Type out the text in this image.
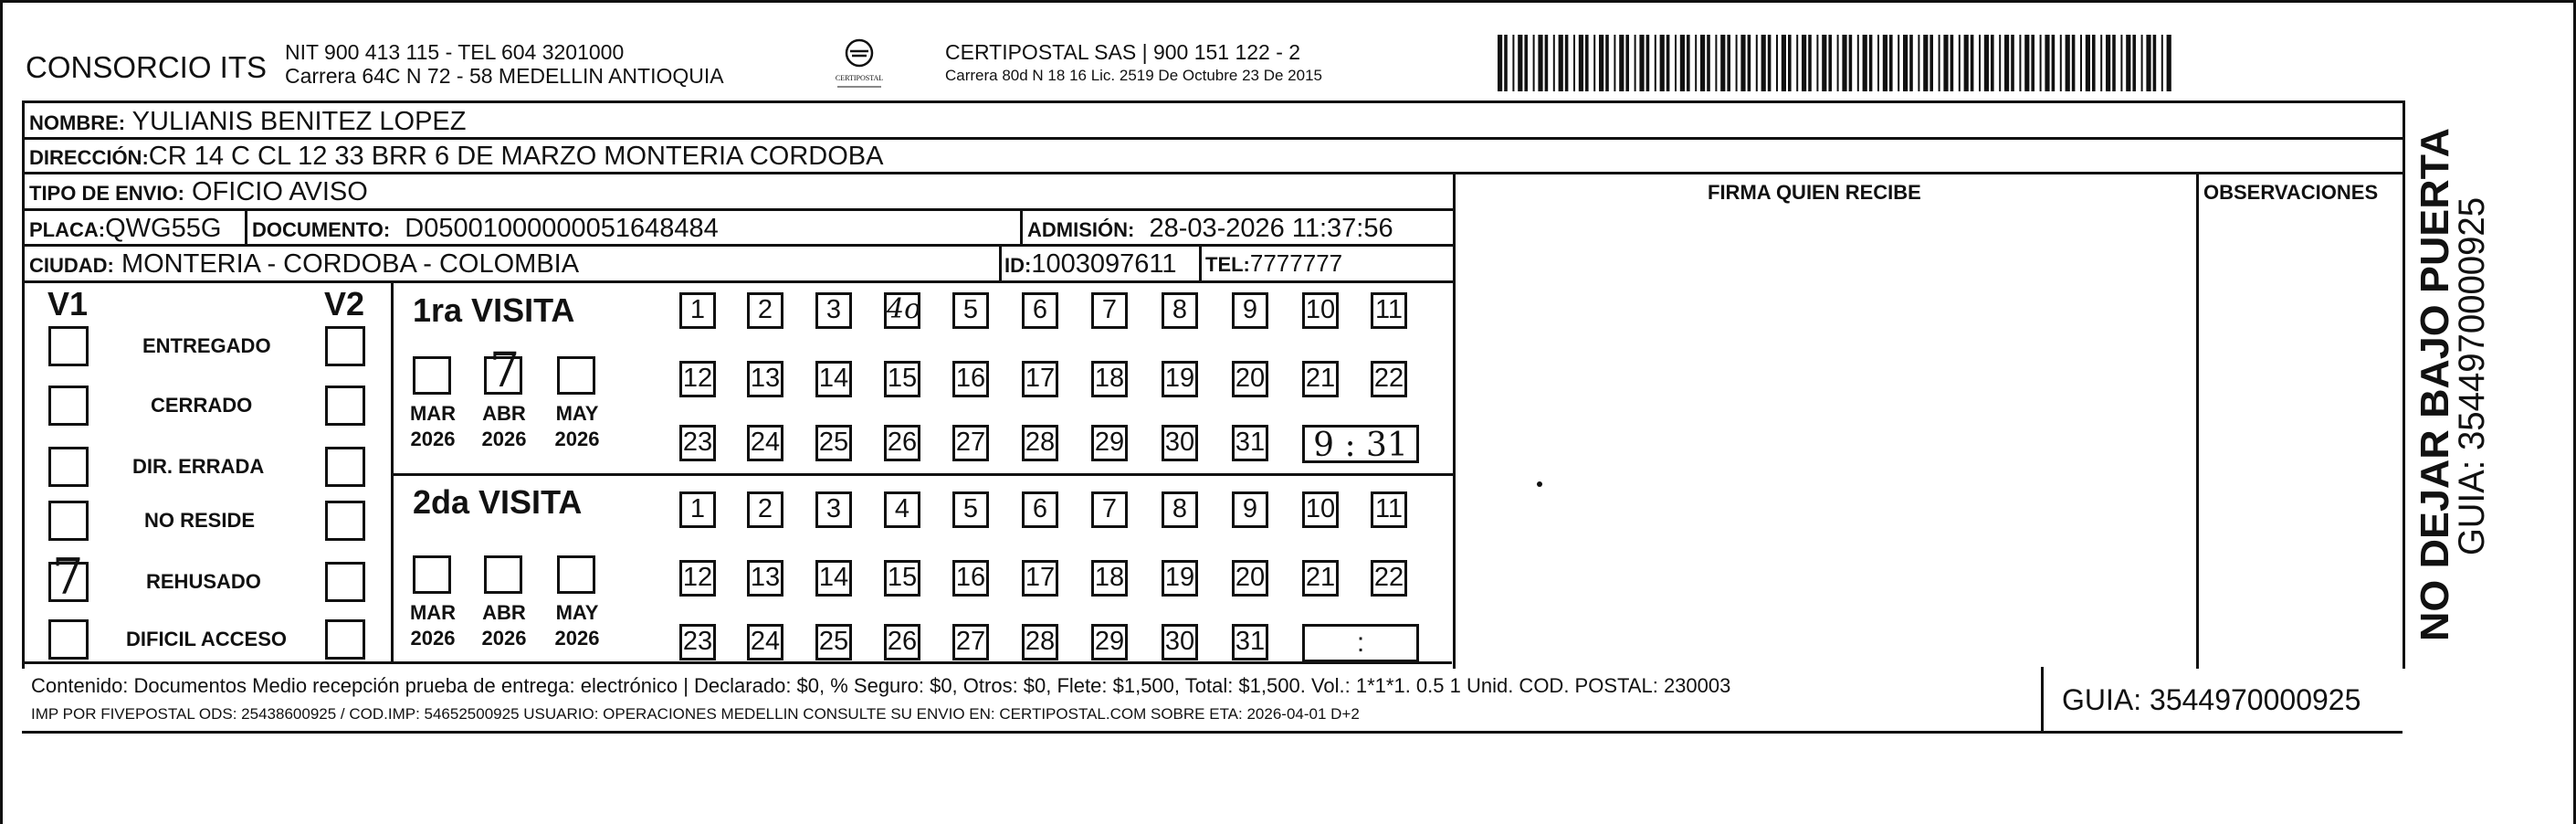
CONSORCIO ITS NIT 900 413 115 - TEL 604 3201000
Carrera 64C N 72 - 58 MEDELLIN ANTIOQUIA	CERTIPOSTAL
CERTIPOSTAL SAS | 900 151 122 - 2
Carrera 80d N 18 16 Lic. 2519 De Octubre 23 De 2015
NOMBRE: YULIANIS BENITEZ LOPEZ
DIRECCIÓN:CR 14 C CL 12 33 BRR 6 DE MARZO MONTERIA CORDOBA
TIPO DE ENVIO: OFICIO AVISO	FIRMA QUIEN RECIBE	OBSERVACIONES
PLACA:QWG55G DOCUMENTO: D05001000000051648484	ADMISIÓN: 28-03-2026 11:37:56
CIUDAD: MONTERIA - CORDOBA - COLOMBIA	ID:1003097611 TEL:7777777
V1	V2
ENTREGADO
CERRADO
DIR. ERRADA
NO RESIDE
REHUSADO
7
DIFICIL ACCESO
1ra VISITA
2da VISITA
1	2	3	4o	5	6	7	8	9	10 11
12 13 14 15 16 17 18 19 20 21 22
23 24 25 26 27 28 29 30 31	9 : 31
MAR
2026
7
ABR
2026
MAY
2026
1	2	3	4	5	6	7	8	9	10 11
12 13 14 15 16 17 18 19 20 21 22
23 24 25 26 27 28 29 30 31	:
MAR
2026
ABR
2026
MAY
2026
Contenido: Documentos Medio recepción prueba de entrega: electrónico | Declarado: $0, % Seguro: $0, Otros: $0, Flete: $1,500, Total: $1,500. Vol.: 1*1*1. 0.5 1 Unid. COD. POSTAL: 230003
IMP POR FIVEPOSTAL ODS: 25438600925 / COD.IMP: 54652500925 USUARIO: OPERACIONES MEDELLIN CONSULTE SU ENVIO EN: CERTIPOSTAL.COM SOBRE ETA: 2026-04-01 D+2	GUIA: 3544970000925
NO DEJAR BAJO PUERTA
GUIA: 3544970000925
